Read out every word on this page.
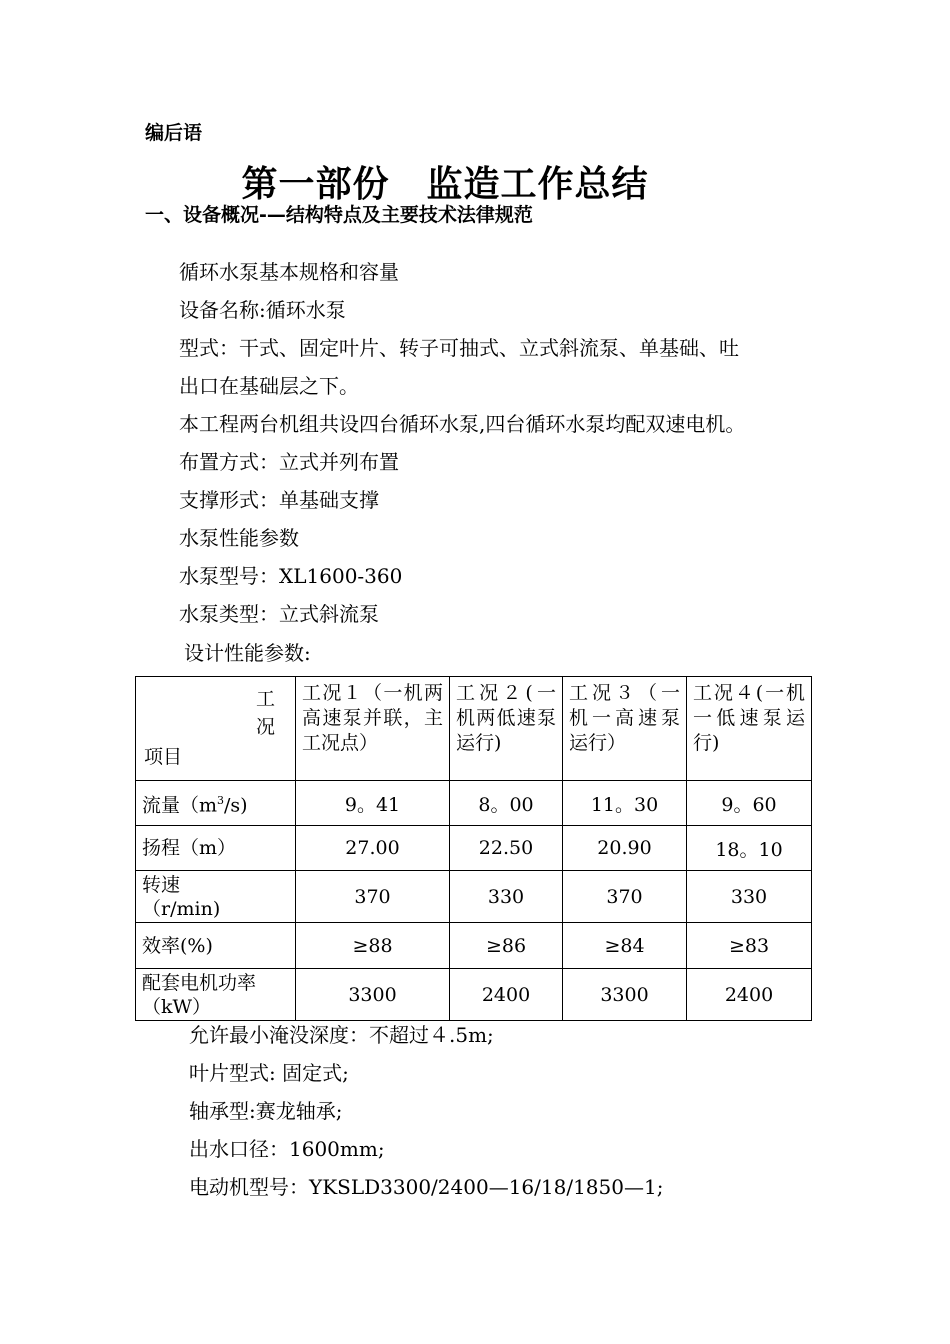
编后语
第一部份　监造工作总结
一、设备概况-—结构特点及主要技术法律规范
循环水泵基本规格和容量
设备名称:循环水泵
型式：干式、固定叶片、转子可抽式、立式斜流泵、单基础、吐
出口在基础层之下。
本工程两台机组共设四台循环水泵,四台循环水泵均配双速电机。
布置方式：立式并列布置
支撑形式：单基础支撑
水泵性能参数
水泵型号：XL1600-360
水泵类型：立式斜流泵
设计性能参数:
工
况
项目	工况１（一机两高速泵并联，主工况点）	工况２(一机两低速泵运行)	工况３（一机一高速泵运行）	工况４(一机一低速泵运行)
流量$(m^3/s)$	9。41	8。00	11。30	9。60
扬程（m）	27.00	22.50	20.90	18。10

转速
（r/min)	370	330	370	330
效率(%)	≥88	≥86	≥84	≥83

配套电机功率
（kW）	3300	2400	3300	2400
允许最小淹没深度：不超过４.5m;
叶片型式: 固定式;
轴承型:赛龙轴承;
出水口径：1600mm;
电动机型号：YKSLD3300/2400—16/18/1850—1;
